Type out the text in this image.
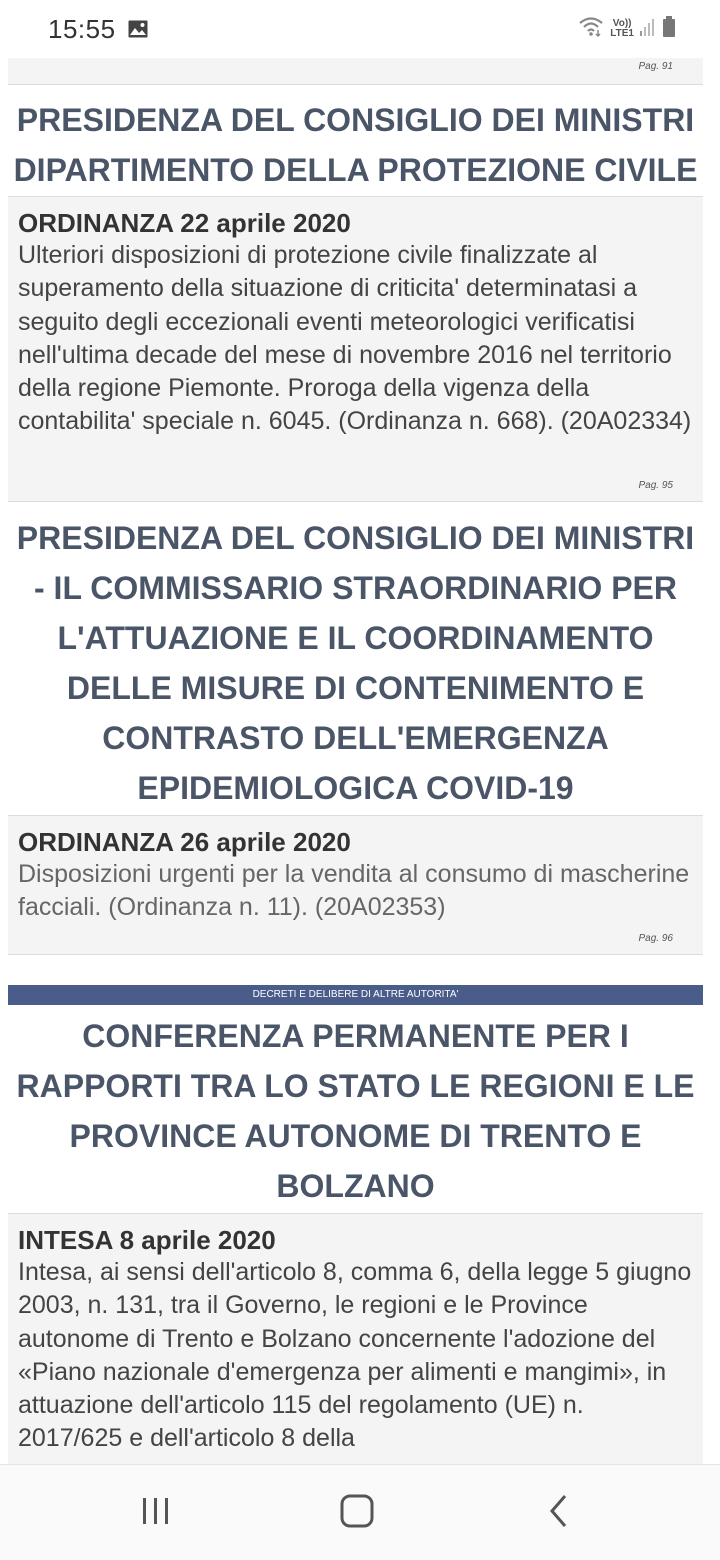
15:55	Vo))
LTE1
Pag. 91
PRESIDENZA DEL CONSIGLIO DEI MINISTRI DIPARTIMENTO DELLA PROTEZIONE CIVILE
ORDINANZA 22 aprile 2020
Ulteriori disposizioni di protezione civile finalizzate al superamento della situazione di criticita' determinatasi a seguito degli eccezionali eventi meteorologici verificatisi nell'ultima decade del mese di novembre 2016 nel territorio della regione Piemonte. Proroga della vigenza della contabilita' speciale n. 6045. (Ordinanza n. 668). (20A02334)
Pag. 95
PRESIDENZA DEL CONSIGLIO DEI MINISTRI - IL COMMISSARIO STRAORDINARIO PER L'ATTUAZIONE E IL COORDINAMENTO DELLE MISURE DI CONTENIMENTO E CONTRASTO DELL'EMERGENZA EPIDEMIOLOGICA COVID-19
ORDINANZA 26 aprile 2020
Disposizioni urgenti per la vendita al consumo di mascherine facciali. (Ordinanza n. 11). (20A02353)
Pag. 96
DECRETI E DELIBERE DI ALTRE AUTORITA'
CONFERENZA PERMANENTE PER I RAPPORTI TRA LO STATO LE REGIONI E LE PROVINCE AUTONOME DI TRENTO E BOLZANO
INTESA 8 aprile 2020
Intesa, ai sensi dell'articolo 8, comma 6, della legge 5 giugno 2003, n. 131, tra il Governo, le regioni e le Province autonome di Trento e Bolzano concernente l'adozione del «Piano nazionale d'emergenza per alimenti e mangimi», in attuazione dell'articolo 115 del regolamento (UE) n. 2017/625 e dell'articolo 8 della
